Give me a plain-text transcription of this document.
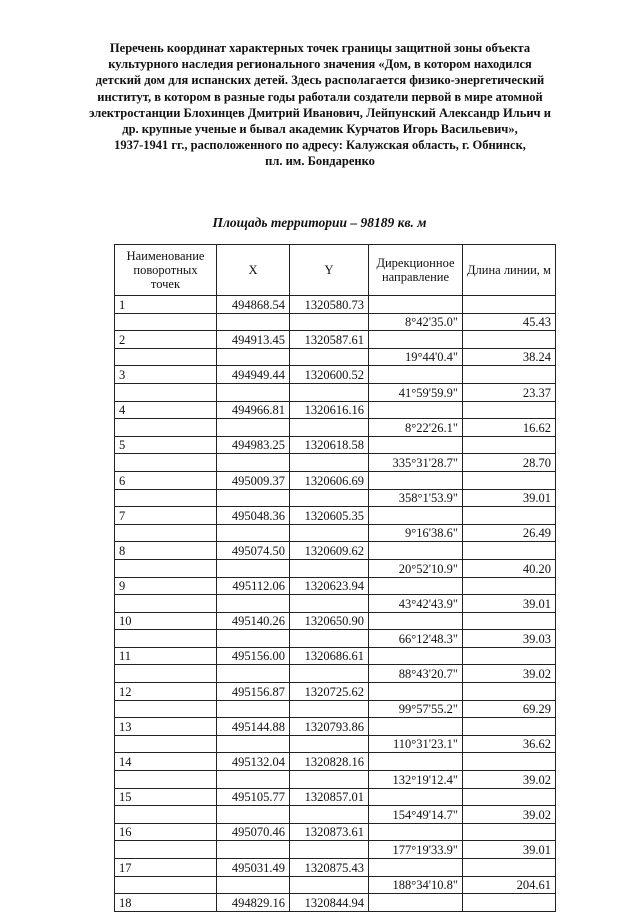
Перечень координат характерных точек границы защитной зоны объекта
культурного наследия регионального значения «Дом, в котором находился
детский дом для испанских детей. Здесь располагается физико-энергетический
институт, в котором в разные годы работали создатели первой в мире атомной
электростанции Блохинцев Дмитрий Иванович, Лейпунский Александр Ильич и
др. крупные ученые и бывал академик Курчатов Игорь Васильевич»,
1937-1941 гг., расположенного по адресу: Калужская область, г. Обнинск,
пл. им. Бондаренко
Площадь территории – 98189 кв. м
Наименование поворотных точек	X	Y	Дирекционное направление	Длина линии, м
1	494868.54	1320580.73		
			8°42'35.0"	45.43
2	494913.45	1320587.61		
			19°44'0.4"	38.24
3	494949.44	1320600.52		
			41°59'59.9"	23.37
4	494966.81	1320616.16		
			8°22'26.1"	16.62
5	494983.25	1320618.58		
			335°31'28.7"	28.70
6	495009.37	1320606.69		
			358°1'53.9"	39.01
7	495048.36	1320605.35		
			9°16'38.6"	26.49
8	495074.50	1320609.62		
			20°52'10.9"	40.20
9	495112.06	1320623.94		
			43°42'43.9"	39.01
10	495140.26	1320650.90		
			66°12'48.3"	39.03
11	495156.00	1320686.61		
			88°43'20.7"	39.02
12	495156.87	1320725.62		
			99°57'55.2"	69.29
13	495144.88	1320793.86		
			110°31'23.1"	36.62
14	495132.04	1320828.16		
			132°19'12.4"	39.02
15	495105.77	1320857.01		
			154°49'14.7"	39.02
16	495070.46	1320873.61		
			177°19'33.9"	39.01
17	495031.49	1320875.43		
			188°34'10.8"	204.61
18	494829.16	1320844.94		
